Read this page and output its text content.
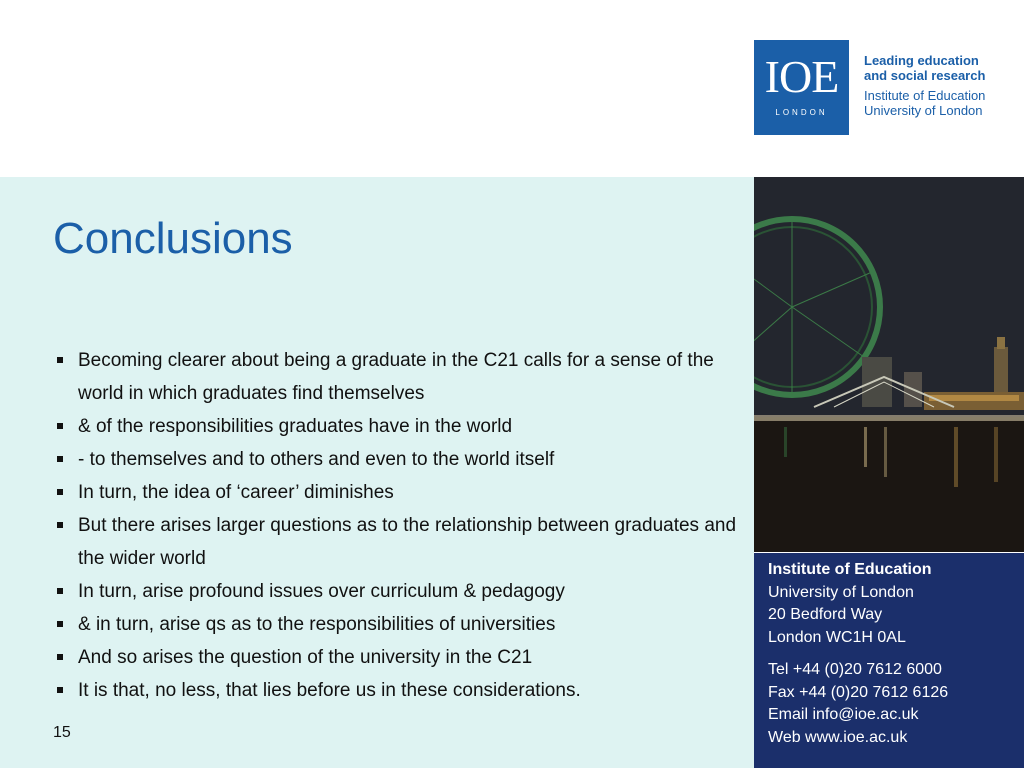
IOE
LONDON
Leading education
and social research
Institute of Education
University of London
Conclusions
Becoming clearer about being a graduate in the C21 calls for a sense of the world in which graduates find themselves
& of the responsibilities graduates have in the world
- to themselves and to others and even to the world itself
In turn, the idea of ‘career’ diminishes
But there arises larger questions as to the relationship between graduates and the wider world
In turn, arise profound issues over curriculum & pedagogy
& in turn, arise qs as to the responsibilities of universities
And so arises the question of the university in the C21
It is that, no less, that lies before us in these considerations.
15
Institute of Education
University of London
20 Bedford Way
London WC1H 0AL
Tel +44 (0)20 7612 6000
Fax +44 (0)20 7612 6126
Email info@ioe.ac.uk
Web www.ioe.ac.uk
